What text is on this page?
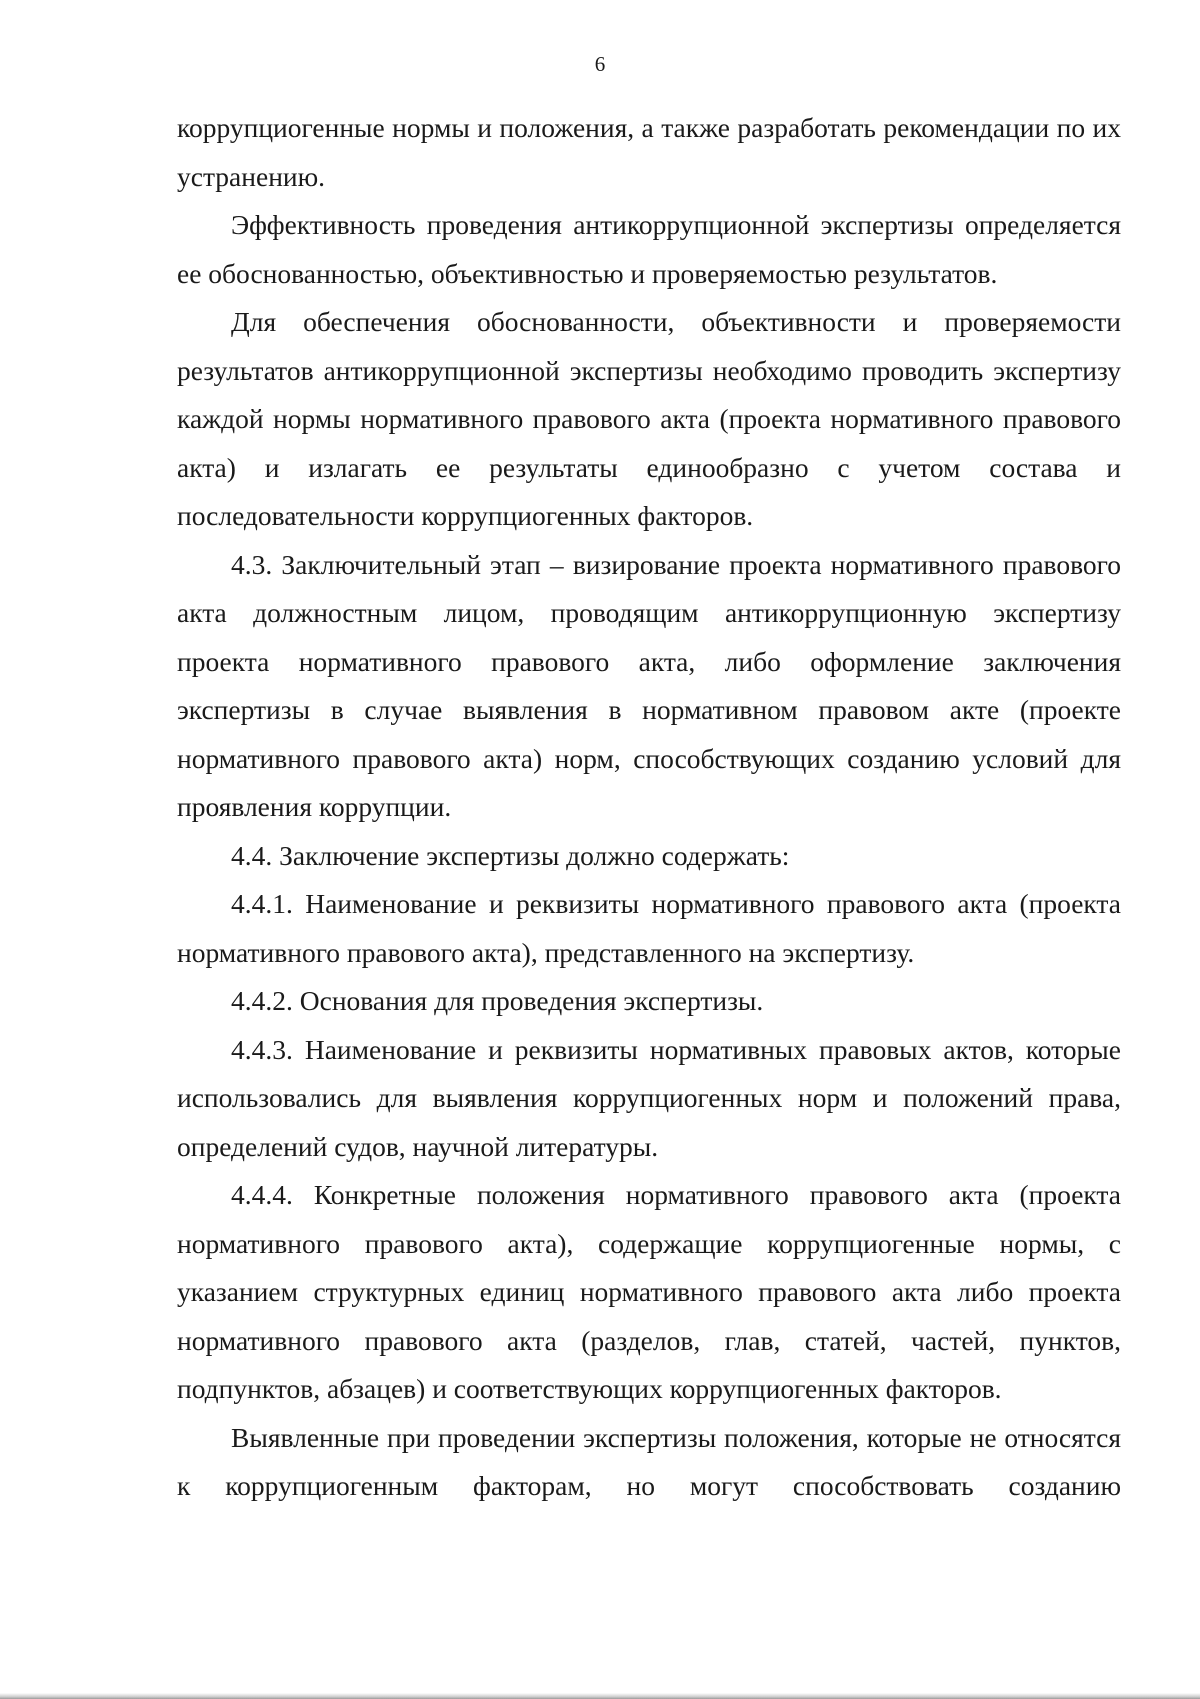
6

коррупциогенные нормы и положения, а также разработать рекомендации по их устранению.

Эффективность проведения антикоррупционной экспертизы определяется ее обоснованностью, объективностью и проверяемостью результатов.

Для обеспечения обоснованности, объективности и проверяемости результатов антикоррупционной экспертизы необходимо проводить экспертизу каждой нормы нормативного правового акта (проекта нормативного правового акта) и излагать ее результаты единообразно с учетом состава и последовательности коррупциогенных факторов.

4.3. Заключительный этап – визирование проекта нормативного правового акта должностным лицом, проводящим антикоррупционную экспертизу проекта нормативного правового акта, либо оформление заключения экспертизы в случае выявления в нормативном правовом акте (проекте нормативного правового акта) норм, способствующих созданию условий для проявления коррупции.

4.4. Заключение экспертизы должно содержать:

4.4.1. Наименование и реквизиты нормативного правового акта (проекта нормативного правового акта), представленного на экспертизу.

4.4.2. Основания для проведения экспертизы.

4.4.3. Наименование и реквизиты нормативных правовых актов, которые использовались для выявления коррупциогенных норм и положений права, определений судов, научной литературы.

4.4.4. Конкретные положения нормативного правового акта (проекта нормативного правового акта), содержащие коррупциогенные нормы, с указанием структурных единиц нормативного правового акта либо проекта нормативного правового акта (разделов, глав, статей, частей, пунктов, подпунктов, абзацев) и соответствующих коррупциогенных факторов.

Выявленные при проведении экспертизы положения, которые не относятся к коррупциогенным факторам, но могут способствовать созданию
